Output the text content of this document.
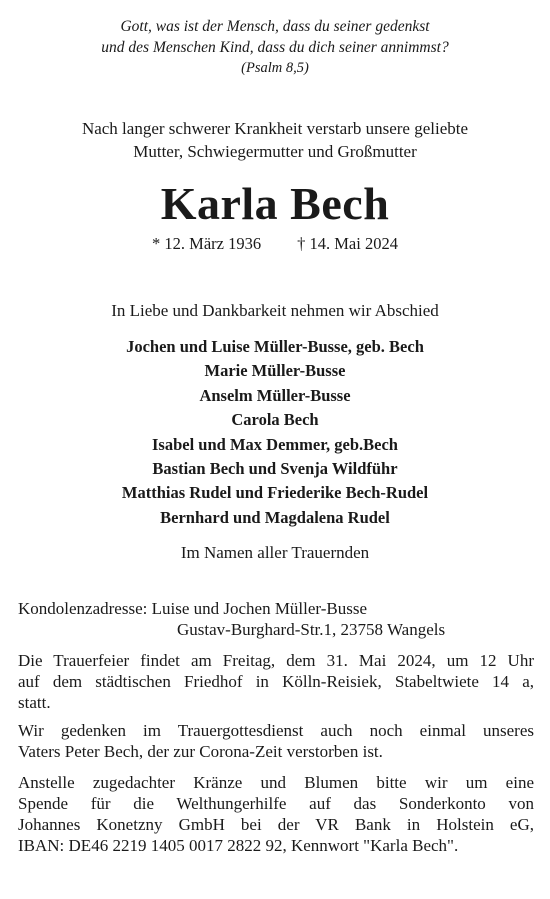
Gott, was ist der Mensch, dass du seiner gedenkst
und des Menschen Kind, dass du dich seiner annimmst?
(Psalm 8,5)
Nach langer schwerer Krankheit verstarb unsere geliebte
Mutter, Schwiegermutter und Großmutter
Karla Bech
* 12. März 1936 † 14. Mai 2024
In Liebe und Dankbarkeit nehmen wir Abschied
Jochen und Luise Müller-Busse, geb. Bech
Marie Müller-Busse
Anselm Müller-Busse
Carola Bech
Isabel und Max Demmer, geb.Bech
Bastian Bech und Svenja Wildführ
Matthias Rudel und Friederike Bech-Rudel
Bernhard und Magdalena Rudel
Im Namen aller Trauernden
Kondolenzadresse: Luise und Jochen Müller-Busse
Gustav-Burghard-Str.1, 23758 Wangels
Die Trauerfeier findet am Freitag, dem 31. Mai 2024, um 12 Uhr
auf dem städtischen Friedhof in Kölln-Reisiek, Stabeltwiete 14 a,
statt.
Wir gedenken im Trauergottesdienst auch noch einmal unseres
Vaters Peter Bech, der zur Corona-Zeit verstorben ist.
Anstelle zugedachter Kränze und Blumen bitte wir um eine
Spende für die Welthungerhilfe auf das Sonderkonto von
Johannes Konetzny GmbH bei der VR Bank in Holstein eG,
IBAN: DE46 2219 1405 0017 2822 92, Kennwort "Karla Bech".
